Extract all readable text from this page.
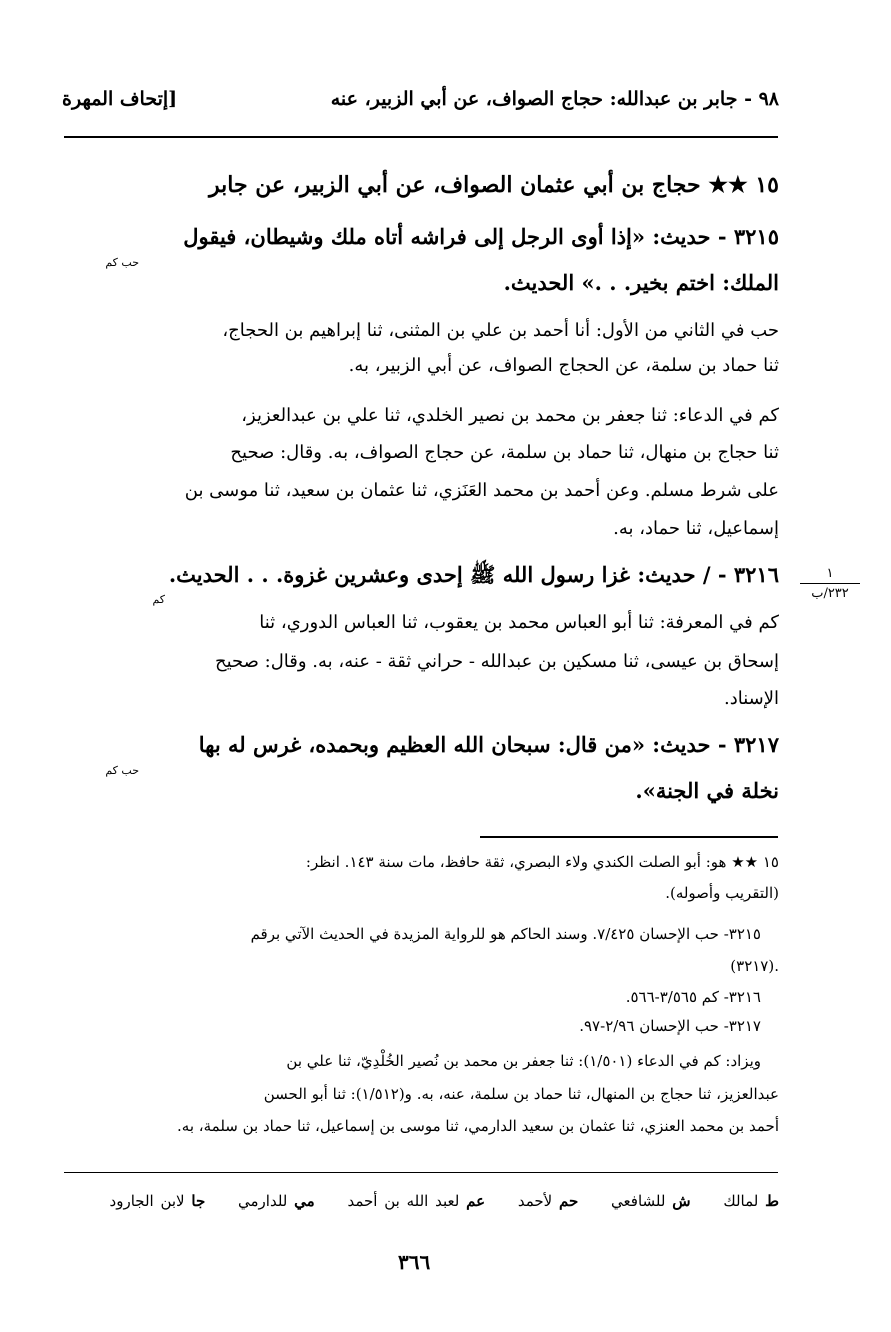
٩٨ - جابر بن عبدالله: حجاج الصواف، عن أبي الزبير، عنه
[إتحاف المهرة
١٥ ★★ حجاج بن أبي عثمان الصواف، عن أبي الزبير، عن جابر
٣٢١٥ - حديث: «إذا أوى الرجل إلى فراشه أتاه ملك وشيطان، فيقول
حب كم
الملك: اختم بخير. . .» الحديث.
حب في الثاني من الأول: أنا أحمد بن علي بن المثنى، ثنا إبراهيم بن الحجاج،
ثنا حماد بن سلمة، عن الحجاج الصواف، عن أبي الزبير، به.
كم في الدعاء: ثنا جعفر بن محمد بن نصير الخلدي، ثنا علي بن عبدالعزيز،
ثنا حجاج بن منهال، ثنا حماد بن سلمة، عن حجاج الصواف، به. وقال: صحيح
على شرط مسلم. وعن أحمد بن محمد العَنَزي، ثنا عثمان بن سعيد، ثنا موسى بن
إسماعيل، ثنا حماد، به.
٣٢١٦ - / حديث: غزا رسول الله ﷺ إحدى وعشرين غزوة. . . الحديث.
كم
١
٢٣٢/ب
كم في المعرفة: ثنا أبو العباس محمد بن يعقوب، ثنا العباس الدوري، ثنا
إسحاق بن عيسى، ثنا مسكين بن عبدالله - حراني ثقة - عنه، به. وقال: صحيح
الإسناد.
٣٢١٧ - حديث: «من قال: سبحان الله العظيم وبحمده، غرس له بها
حب كم
نخلة في الجنة».
١٥ ★★ هو: أبو الصلت الكندي ولاء البصري، ثقة حافظ، مات سنة ١٤٣. انظر:
(التقريب وأصوله).
٣٢١٥- حب الإحسان ٧/٤٢٥. وسند الحاكم هو للرواية المزيدة في الحديث الآتي برقم
(٣٢١٧).
٣٢١٦- كم ٣/٥٦٥-٥٦٦.
٣٢١٧- حب الإحسان ٢/٩٦-٩٧.
ويزاد: كم في الدعاء (١/٥٠١): ثنا جعفر بن محمد بن نُصير الخُلْدِيّ، ثنا علي بن
عبدالعزيز، ثنا حجاج بن المنهال، ثنا حماد بن سلمة، عنه، به. و(١/٥١٢): ثنا أبو الحسن
أحمد بن محمد العنزي، ثنا عثمان بن سعيد الدارمي، ثنا موسى بن إسماعيل، ثنا حماد بن سلمة، به.
ط لمالك ش للشافعي حم لأحمد عم لعبد الله بن أحمد مي للدارمي جا لابن الجارود
٣٦٦
